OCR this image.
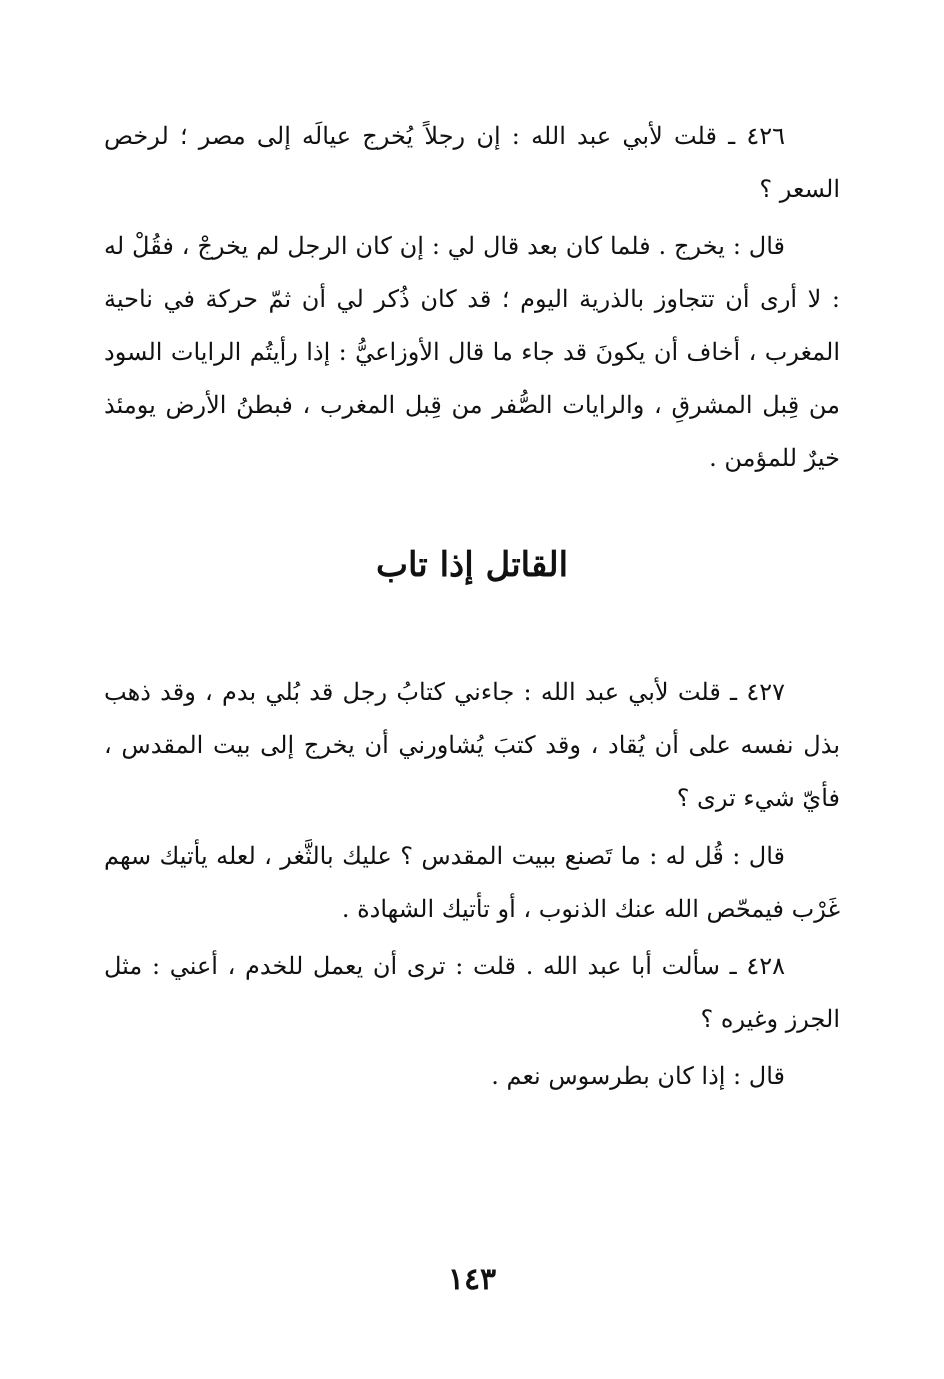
٤٢٦ ـ قلت لأبي عبد الله : إن رجلاً يُخرج عيالَه إلى مصر ؛ لرخص السعر ؟

قال : يخرج . فلما كان بعد قال لي : إن كان الرجل لم يخرجْ ، فقُلْ له : لا أرى أن تتجاوز بالذرية اليوم ؛ قد كان ذُكر لي أن ثمّ حركة في ناحية المغرب ، أخاف أن يكونَ قد جاء ما قال الأوزاعيُّ : إذا رأيتُم الرايات السود من قِبل المشرقِ ، والرايات الصُّفر من قِبل المغرب ، فبطنُ الأرض يومئذ خيرٌ للمؤمن .

القاتل إذا تاب

٤٢٧ ـ قلت لأبي عبد الله : جاءني كتابُ رجل قد بُلي بدم ، وقد ذهب بذل نفسه على أن يُقاد ، وقد كتبَ يُشاورني أن يخرج إلى بيت المقدس ، فأيّ شيء ترى ؟

قال : قُل له : ما تَصنع ببيت المقدس ؟ عليك بالثَّغر ، لعله يأتيك سهم غَرْب فيمحّص الله عنك الذنوب ، أو تأتيك الشهادة .

٤٢٨ ـ سألت أبا عبد الله . قلت : ترى أن يعمل للخدم ، أعني : مثل الجرز وغيره ؟

قال : إذا كان بطرسوس نعم .

١٤٣
